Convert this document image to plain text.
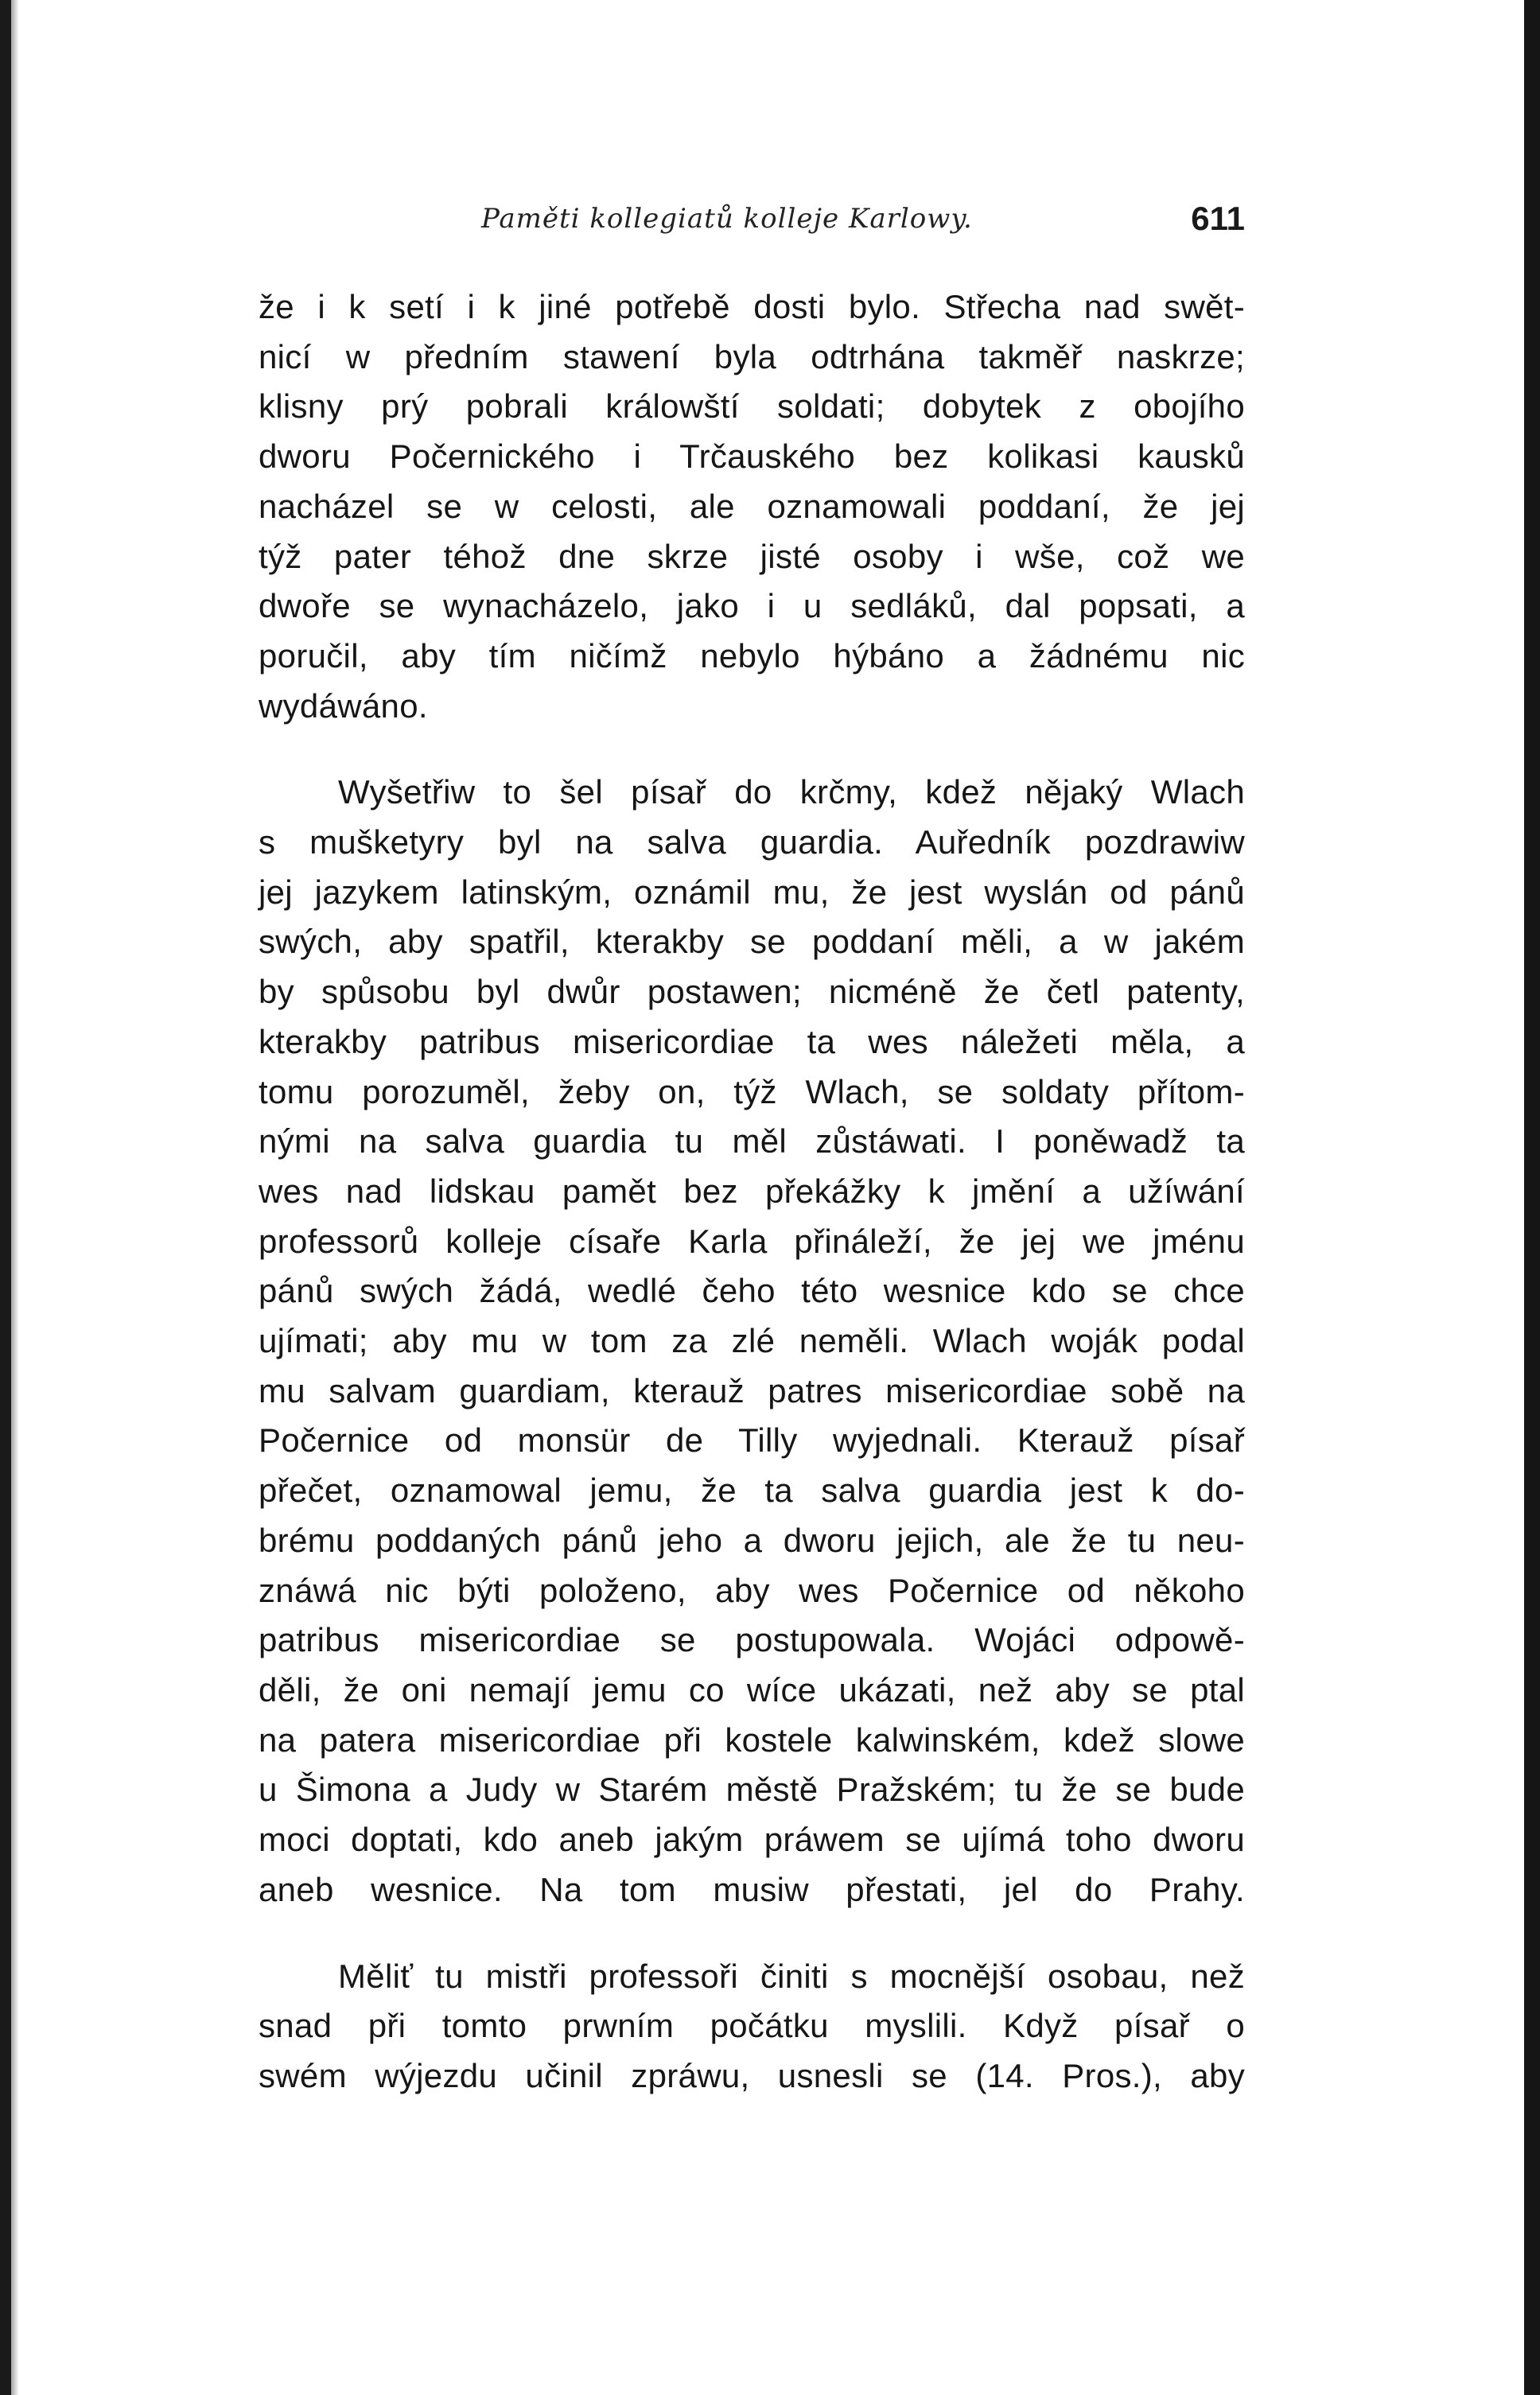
Paměti kollegiatů kolleje Karlowy.	611

že i k setí i k jiné potřebě dosti bylo. Střecha nad swět-
nicí w předním stawení byla odtrhána takměř naskrze;
klisny prý pobrali králowští soldati; dobytek z obojího
dworu Počernického i Trčauského bez kolikasi kausků
nacházel se w celosti, ale oznamowali poddaní, že jej
týž pater téhož dne skrze jisté osoby i wše, což we
dwoře se wynacházelo, jako i u sedláků, dal popsati, a
poručil, aby tím ničímž nebylo hýbáno a žádnému nic
wydáwáno.

Wyšetřiw to šel písař do krčmy, kdež nějaký Wlach
s mušketyry byl na salva guardia. Auředník pozdrawiw
jej jazykem latinským, oznámil mu, že jest wyslán od pánů
swých, aby spatřil, kterakby se poddaní měli, a w jakém
by spůsobu byl dwůr postawen; nicméně že četl patenty,
kterakby patribus misericordiae ta wes náležeti měla, a
tomu porozuměl, žeby on, týž Wlach, se soldaty přítom-
nými na salva guardia tu měl zůstáwati. I poněwadž ta
wes nad lidskau pamět bez překážky k jmění a užíwání
professorů kolleje císaře Karla přináleží, že jej we jménu
pánů swých žádá, wedlé čeho této wesnice kdo se chce
ujímati; aby mu w tom za zlé neměli. Wlach woják podal
mu salvam guardiam, kterauž patres misericordiae sobě na
Počernice od monsür de Tilly wyjednali. Kterauž písař
přečet, oznamowal jemu, že ta salva guardia jest k do-
brému poddaných pánů jeho a dworu jejich, ale že tu neu-
znáwá nic býti položeno, aby wes Počernice od někoho
patribus misericordiae se postupowala. Wojáci odpowě-
děli, že oni nemají jemu co wíce ukázati, než aby se ptal
na patera misericordiae při kostele kalwinském, kdež slowe
u Šimona a Judy w Starém městě Pražském; tu že se bude
moci doptati, kdo aneb jakým práwem se ujímá toho dworu
aneb wesnice. Na tom musiw přestati, jel do Prahy.

Měliť tu mistři professoři činiti s mocnější osobau, než
snad při tomto prwním počátku myslili. Když písař o
swém wýjezdu učinil zpráwu, usnesli se (14. Pros.), aby
